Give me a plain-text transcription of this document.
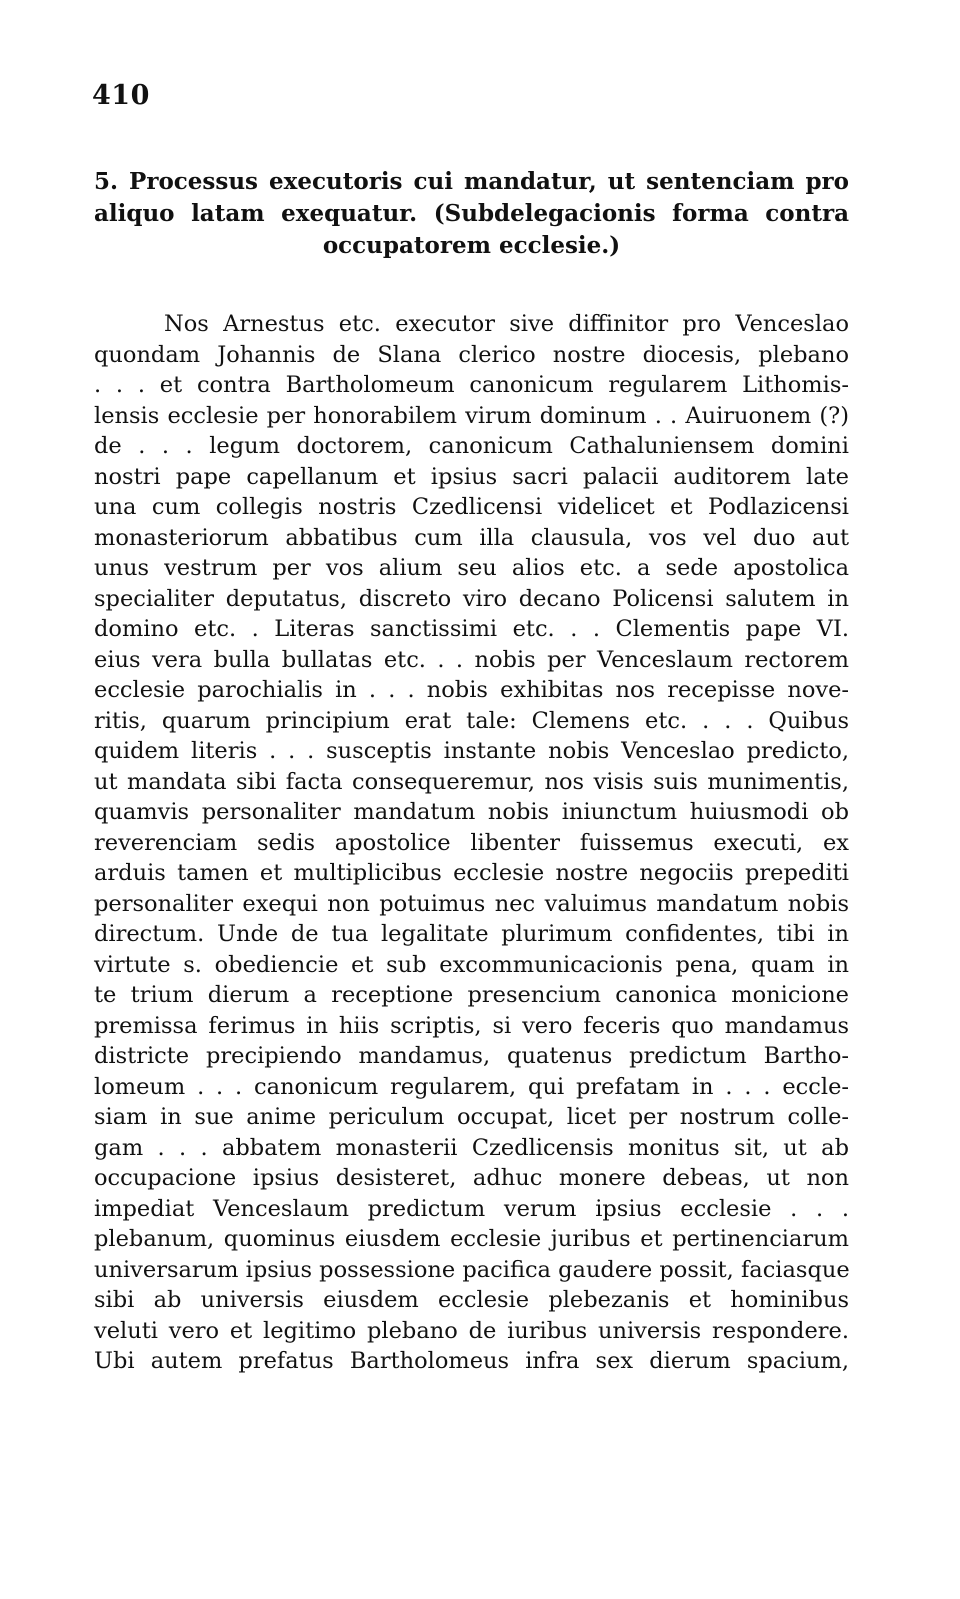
410
5. Processus executoris cui mandatur, ut sentenciam pro
aliquo latam exequatur. (Subdelegacionis forma contra
occupatorem ecclesie.)
Nos Arnestus etc. executor sive diffinitor pro Venceslao
quondam Johannis de Slana clerico nostre diocesis, plebano
. . . et contra Bartholomeum canonicum regularem Lithomis-
lensis ecclesie per honorabilem virum dominum . . Auiruonem (?)
de . . . legum doctorem, canonicum Cathaluniensem domini
nostri pape capellanum et ipsius sacri palacii auditorem late
una cum collegis nostris Czedlicensi videlicet et Podlazicensi
monasteriorum abbatibus cum illa clausula, vos vel duo aut
unus vestrum per vos alium seu alios etc. a sede apostolica
specialiter deputatus, discreto viro decano Policensi salutem in
domino etc. . Literas sanctissimi etc. . . Clementis pape VI.
eius vera bulla bullatas etc. . . nobis per Venceslaum rectorem
ecclesie parochialis in . . . nobis exhibitas nos recepisse nove-
ritis, quarum principium erat tale: Clemens etc. . . . Quibus
quidem literis . . . susceptis instante nobis Venceslao predicto,
ut mandata sibi facta consequeremur, nos visis suis munimentis,
quamvis personaliter mandatum nobis iniunctum huiusmodi ob
reverenciam sedis apostolice libenter fuissemus executi, ex
arduis tamen et multiplicibus ecclesie nostre negociis prepediti
personaliter exequi non potuimus nec valuimus mandatum nobis
directum. Unde de tua legalitate plurimum confidentes, tibi in
virtute s. obediencie et sub excommunicacionis pena, quam in
te trium dierum a receptione presencium canonica monicione
premissa ferimus in hiis scriptis, si vero feceris quo mandamus
districte precipiendo mandamus, quatenus predictum Bartho-
lomeum . . . canonicum regularem, qui prefatam in . . . eccle-
siam in sue anime periculum occupat, licet per nostrum colle-
gam . . . abbatem monasterii Czedlicensis monitus sit, ut ab
occupacione ipsius desisteret, adhuc monere debeas, ut non
impediat Venceslaum predictum verum ipsius ecclesie . . .
plebanum, quominus eiusdem ecclesie juribus et pertinenciarum
universarum ipsius possessione pacifica gaudere possit, faciasque
sibi ab universis eiusdem ecclesie plebezanis et hominibus
veluti vero et legitimo plebano de iuribus universis respondere.
Ubi autem prefatus Bartholomeus infra sex dierum spacium,
